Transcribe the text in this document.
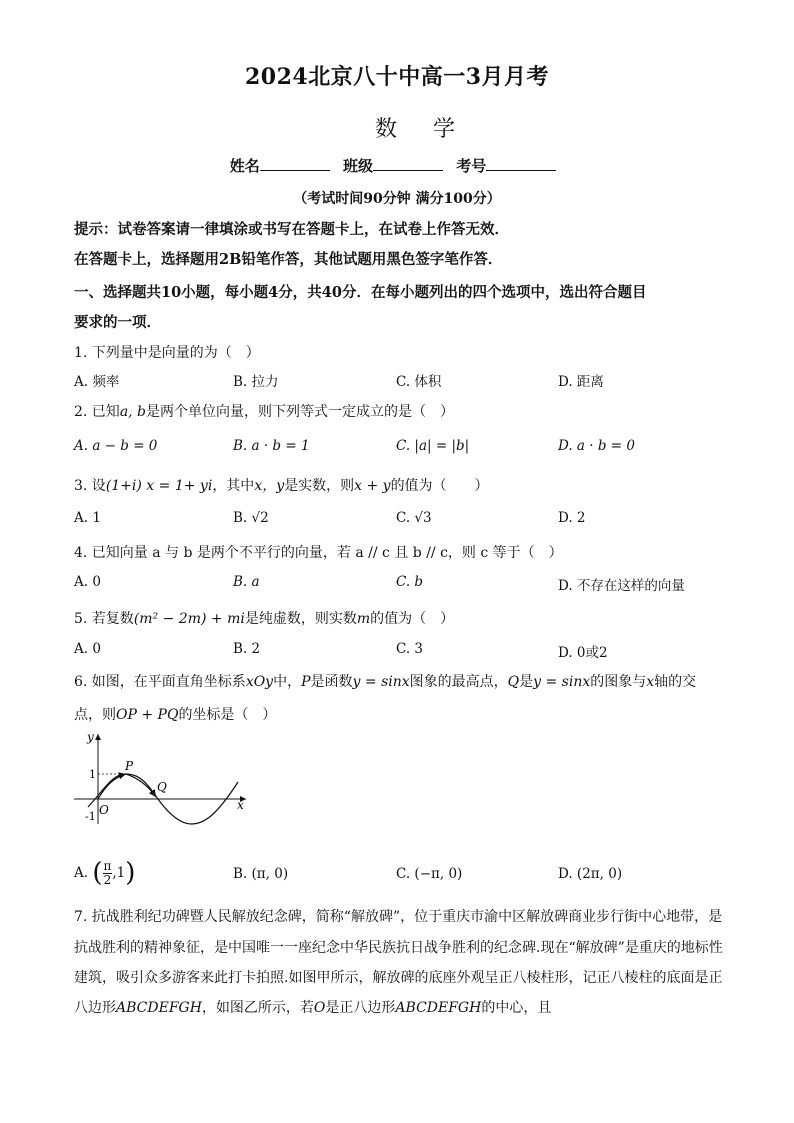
2024北京八十中高一3月月考
数学
姓名	班级	考号
（考试时间90分钟 满分100分）
提示：试卷答案请一律填涂或书写在答题卡上，在试卷上作答无效．
在答题卡上，选择题用2B铅笔作答，其他试题用黑色签字笔作答．
一、选择题共10小题，每小题4分，共40分．在每小题列出的四个选项中，选出符合题目
要求的一项．
1. 下列量中是向量的为（　）
A. 频率	B. 拉力	C. 体积	D. 距离
2. 已知a, b是两个单位向量，则下列等式一定成立的是（　）
A. a − b = 0	B. a · b = 1	C. |a| = |b|	D. a · b = 0
3. 设(1+i) x = 1+ yi，其中x，y是实数，则x + y的值为（　　）
A. 1	B. √2	C. √3	D. 2
4. 已知向量 a 与 b 是两个不平行的向量，若 a // c 且 b // c，则 c 等于（　）
A. 0	B. a	C. b	D. 不存在这样的向量
5. 若复数(m² − 2m) + mi是纯虚数，则实数m的值为（　）
A. 0	B. 2	C. 3	D. 0或2
6. 如图，在平面直角坐标系xOy中，P是函数y = sinx图象的最高点，Q是y = sinx的图象与x轴的交
点，则OP + PQ的坐标是（　）
y
x
O
P
Q
1
-1
A. ( $\frac{\pi}{2} ,1$)	B. (π, 0)	C. (−π, 0)	D. (2π, 0)
7. 抗战胜利纪功碑暨人民解放纪念碑，简称“解放碑”，位于重庆市渝中区解放碑商业步行街中心地带，是
抗战胜利的精神象征，是中国唯一一座纪念中华民族抗日战争胜利的纪念碑.现在“解放碑”是重庆的地标性
建筑，吸引众多游客来此打卡拍照.如图甲所示，解放碑的底座外观呈正八棱柱形，记正八棱柱的底面是正
八边形ABCDEFGH，如图乙所示，若O是正八边形ABCDEFGH的中心，且
